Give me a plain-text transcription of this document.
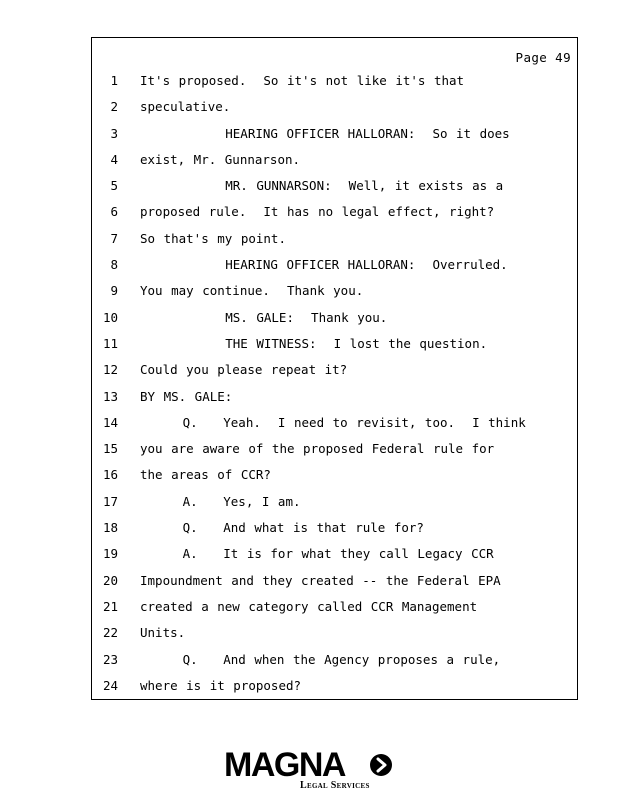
Page 49
1 It's proposed.  So it's not like it's that
2 speculative.
3 HEARING OFFICER HALLORAN:  So it does
4 exist, Mr. Gunnarson.
5 MR. GUNNARSON:  Well, it exists as a
6 proposed rule.  It has no legal effect, right?
7 So that's my point.
8 HEARING OFFICER HALLORAN:  Overruled.
9 You may continue.  Thank you.
10 MS. GALE:  Thank you.
11 THE WITNESS:  I lost the question.
12 Could you please repeat it?
13 BY MS. GALE:
14 Q.   Yeah.  I need to revisit, too.  I think
15 you are aware of the proposed Federal rule for
16 the areas of CCR?
17 A.   Yes, I am.
18 Q.   And what is that rule for?
19 A.   It is for what they call Legacy CCR
20 Impoundment and they created -- the Federal EPA
21 created a new category called CCR Management
22 Units.
23 Q.   And when the Agency proposes a rule,
24 where is it proposed?
MAGNA
Legal Services
